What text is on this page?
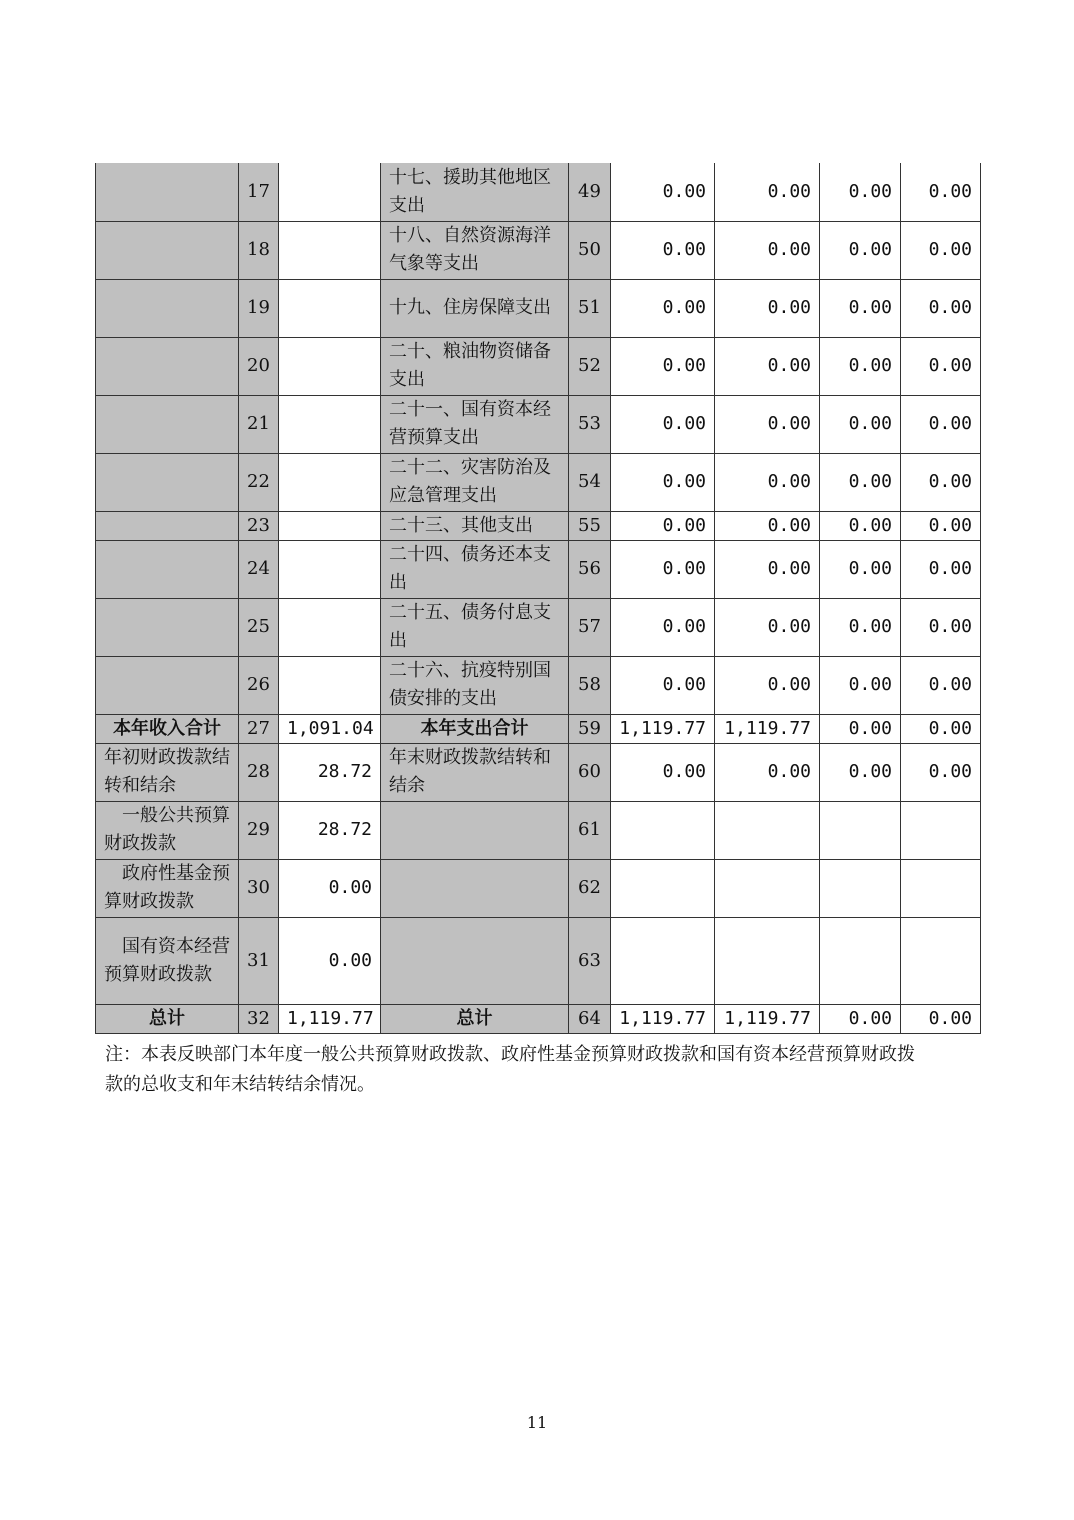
	17		十七、援助其他地区支出	49	0.00	0.00	0.00	0.00
	18		十八、自然资源海洋气象等支出	50	0.00	0.00	0.00	0.00
	19		十九、住房保障支出	51	0.00	0.00	0.00	0.00
	20		二十、粮油物资储备支出	52	0.00	0.00	0.00	0.00
	21		二十一、国有资本经营预算支出	53	0.00	0.00	0.00	0.00
	22		二十二、灾害防治及应急管理支出	54	0.00	0.00	0.00	0.00
	23		二十三、其他支出	55	0.00	0.00	0.00	0.00
	24		二十四、债务还本支出	56	0.00	0.00	0.00	0.00
	25		二十五、债务付息支出	57	0.00	0.00	0.00	0.00
	26		二十六、抗疫特别国债安排的支出	58	0.00	0.00	0.00	0.00
本年收入合计	27	1,091.04	本年支出合计	59	1,119.77	1,119.77	0.00	0.00
年初财政拨款结转和结余	28	28.72	年末财政拨款结转和结余	60	0.00	0.00	0.00	0.00
一般公共预算财政拨款	29	28.72		61				
政府性基金预算财政拨款	30	0.00		62				
国有资本经营预算财政拨款	31	0.00		63				
总计	32	1,119.77	总计	64	1,119.77	1,119.77	0.00	0.00
注：本表反映部门本年度一般公共预算财政拨款、政府性基金预算财政拨款和国有资本经营预算财政拨款的总收支和年末结转结余情况。
11
